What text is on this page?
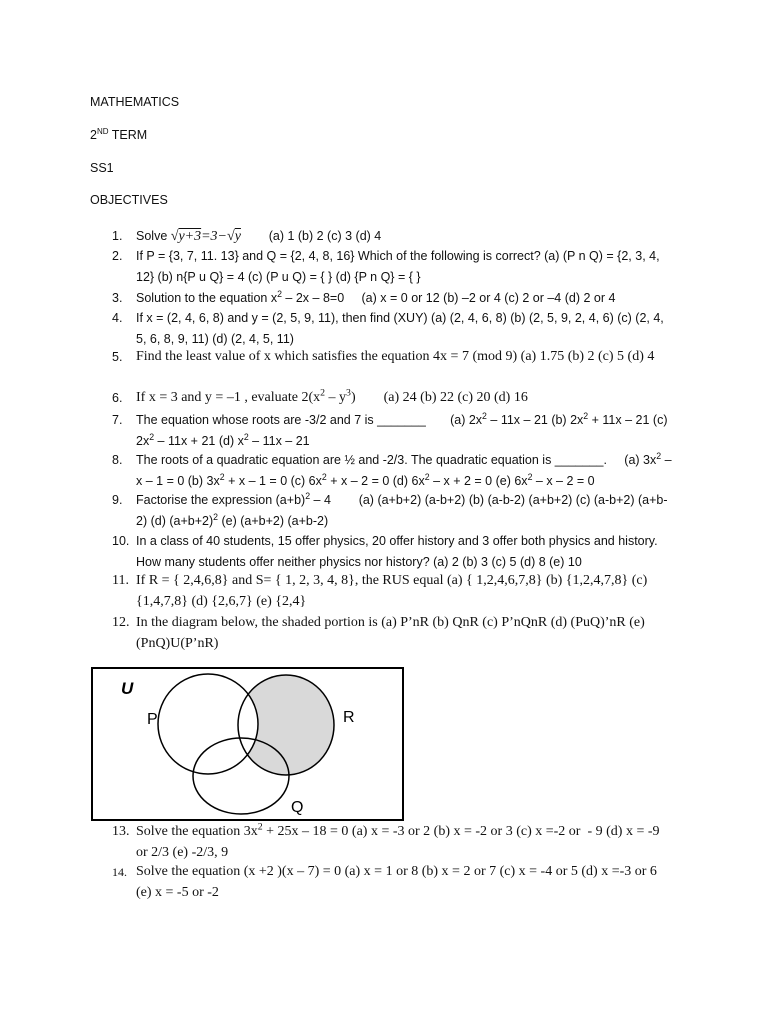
MATHEMATICS
2ND TERM
SS1
OBJECTIVES
1. Solve √y+3=3−√y        (a) 1 (b) 2 (c) 3 (d) 4
2. If P = {3, 7, 11. 13} and Q = {2, 4, 8, 16} Which of the following is correct? (a) (P n Q) = {2, 3, 4, 12} (b) n{P u Q} = 4 (c) (P u Q) = { } (d) {P n Q} = { }
3. Solution to the equation $x^2 - 2x - 8=0$     (a) x = 0 or 12 (b) –2 or 4 (c) 2 or –4 (d) 2 or 4
4. If x = (2, 4, 6, 8) and y = (2, 5, 9, 11), then find (XUY) (a) (2, 4, 6, 8) (b) (2, 5, 9, 2, 4, 6) (c) (2, 4, 5, 6, 8, 9, 11) (d) (2, 4, 5, 11)
5. Find the least value of x which satisfies the equation 4x = 7 (mod 9) (a) 1.75 (b) 2 (c) 5 (d) 4
6. If x = 3 and y = –1 , evaluate $2(x^2 - y^3)$        (a) 24 (b) 22 (c) 20 (d) 16
7. The equation whose roots are -3/2 and 7 is _______       (a) $2x^2 - 11x - 21$ (b) $2x^2 + 11x - 21$ (c) $2x^2 - 11x + 21$ (d) $x^2 - 11x - 21$
8. The roots of a quadratic equation are ½ and -2/3. The quadratic equation is _______.     (a) $3x^2 - x - 1 = 0$ (b) $3x^2 + x - 1 = 0$ (c) $6x^2 + x - 2 = 0$ (d) $6x^2 - x + 2 = 0$ (e) $6x^2 - x - 2 = 0$
9. Factorise the expression $(a+b)^2 - 4$        (a) (a+b+2) (a-b+2) (b) (a-b-2) (a+b+2) (c) (a-b+2) (a+b-2) (d) $(a+b+2)^2$ (e) (a+b+2) (a+b-2)
10. In a class of 40 students, 15 offer physics, 20 offer history and 3 offer both physics and history. How many students offer neither physics nor history? (a) 2 (b) 3 (c) 5 (d) 8 (e) 10
11. If R = { 2,4,6,8} and S= { 1, 2, 3, 4, 8}, the RUS equal (a) { 1,2,4,6,7,8} (b) {1,2,4,7,8} (c) {1,4,7,8} (d) {2,6,7} (e) {2,4}
12. In the diagram below, the shaded portion is (a) P’nR (b) QnR (c) P’nQnR (d) (PuQ)’nR (e) (PnQ)U(P’nR)
U
P	R
Q
13. Solve the equation $3x^2 + 25x - 18 = 0$ (a) x = -3 or 2 (b) x = -2 or 3 (c) x =-2 or  - 9 (d) x = -9 or 2/3 (e) -2/3, 9
14. Solve the equation (x +2 )(x – 7) = 0 (a) x = 1 or 8 (b) x = 2 or 7 (c) x = -4 or 5 (d) x =-3 or 6 (e) x = -5 or -2
